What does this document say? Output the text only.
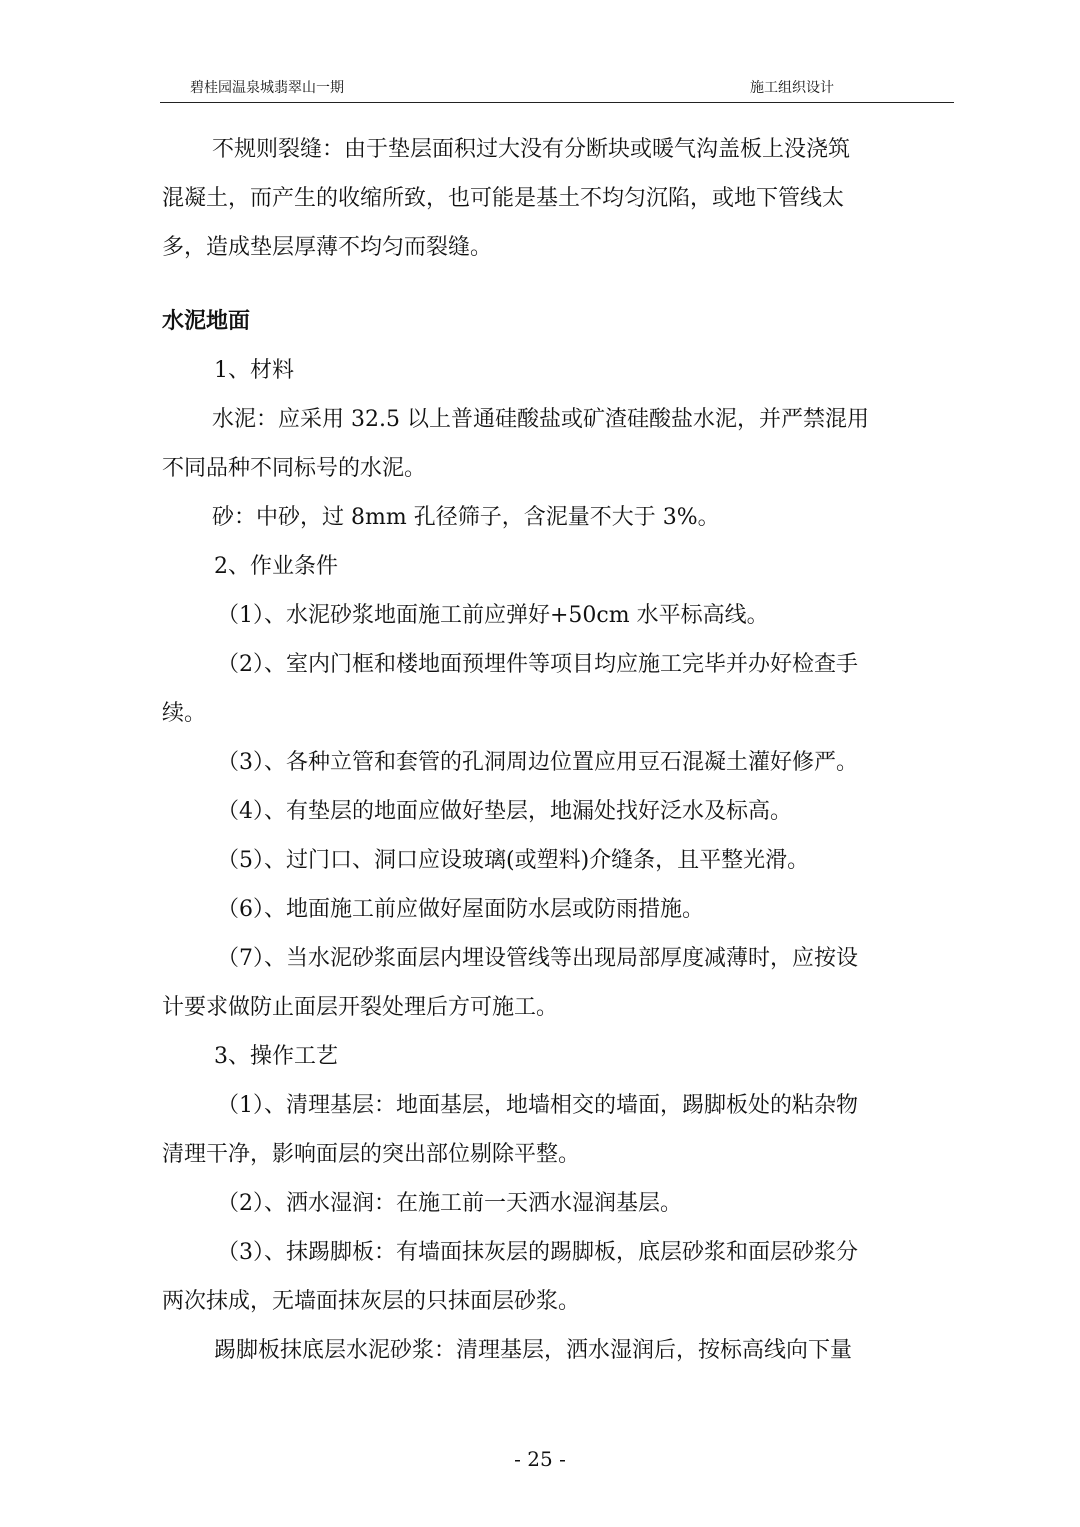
碧桂园温泉城翡翠山一期	施工组织设计

不规则裂缝：由于垫层面积过大没有分断块或暖气沟盖板上没浇筑

混凝土，而产生的收缩所致，也可能是基土不均匀沉陷，或地下管线太

多，造成垫层厚薄不均匀而裂缝。

水泥地面

1、材料

水泥：应采用 32.5 以上普通硅酸盐或矿渣硅酸盐水泥，并严禁混用

不同品种不同标号的水泥。

砂：中砂，过 8mm 孔径筛子，含泥量不大于 3%。

2、作业条件

（1）、水泥砂浆地面施工前应弹好+50cm 水平标高线。

（2）、室内门框和楼地面预埋件等项目均应施工完毕并办好检查手

续。

（3）、各种立管和套管的孔洞周边位置应用豆石混凝土灌好修严。

（4）、有垫层的地面应做好垫层，地漏处找好泛水及标高。

（5）、过门口、洞口应设玻璃(或塑料)介缝条，且平整光滑。

（6）、地面施工前应做好屋面防水层或防雨措施。

（7）、当水泥砂浆面层内埋设管线等出现局部厚度减薄时，应按设

计要求做防止面层开裂处理后方可施工。

3、操作工艺

（1）、清理基层：地面基层，地墙相交的墙面，踢脚板处的粘杂物

清理干净，影响面层的突出部位剔除平整。

（2）、洒水湿润：在施工前一天洒水湿润基层。

（3）、抹踢脚板：有墙面抹灰层的踢脚板，底层砂浆和面层砂浆分

两次抹成，无墙面抹灰层的只抹面层砂浆。

踢脚板抹底层水泥砂浆：清理基层，洒水湿润后，按标高线向下量

- 25 -
